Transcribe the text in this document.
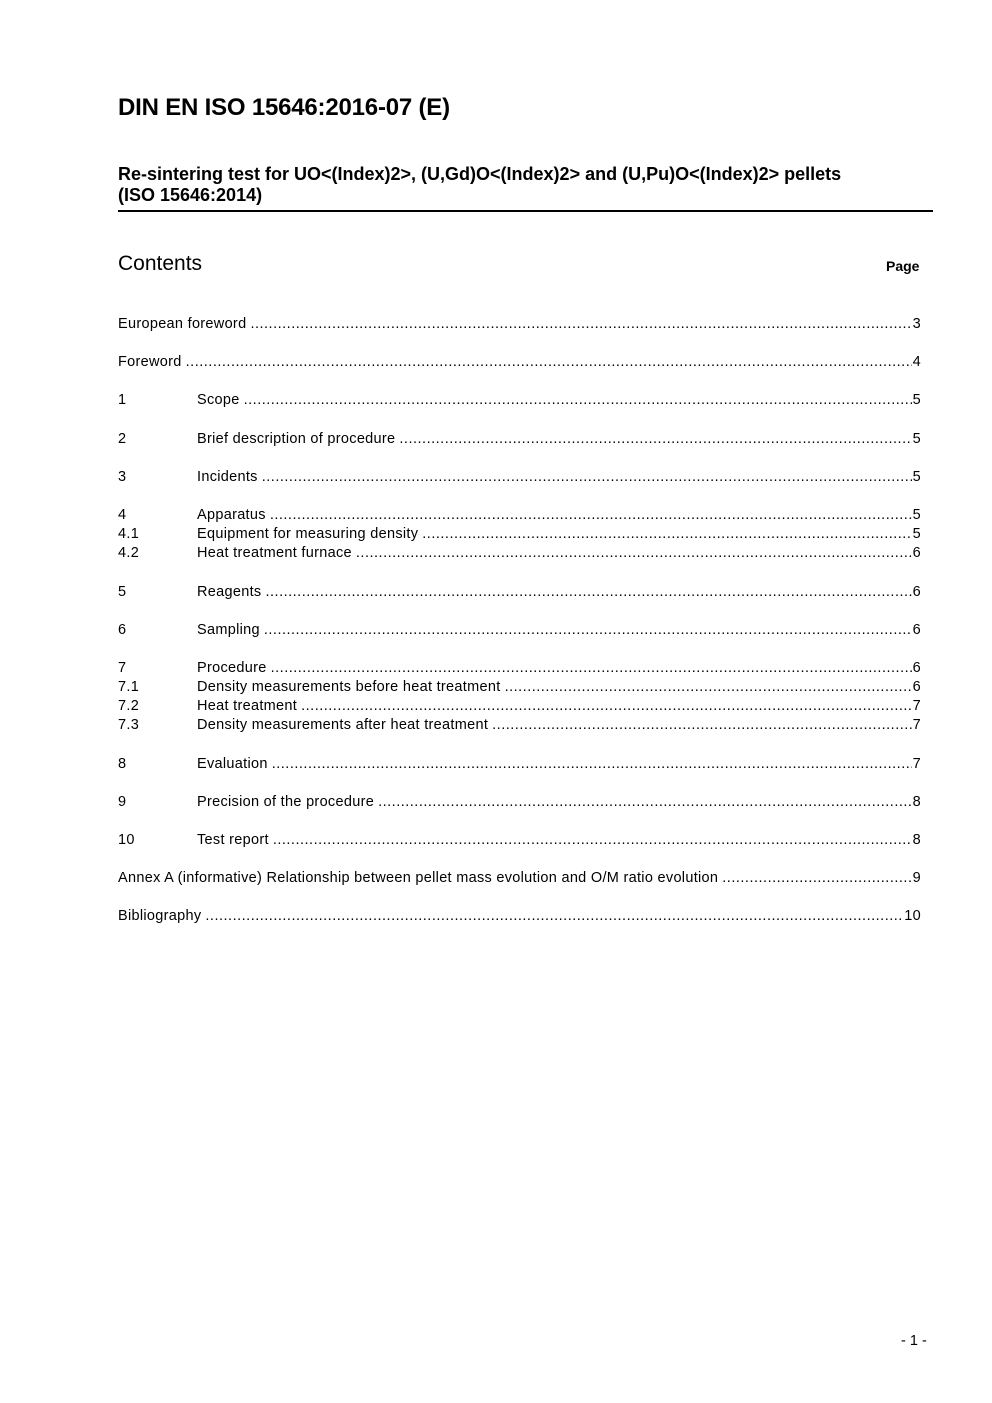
DIN EN ISO 15646:2016-07 (E)
Re-sintering test for UO<(Index)2>, (U,Gd)O<(Index)2> and (U,Pu)O<(Index)2> pellets
(ISO 15646:2014)
Contents	Page
European foreword .....	3
Foreword .....	4
1	Scope .....	5
2	Brief description of procedure .....	5
3	Incidents .....	5
4	Apparatus .....	5
4.1	Equipment for measuring density .....	5
4.2	Heat treatment furnace .....	6
5	Reagents .....	6
6	Sampling .....	6
7	Procedure .....	6
7.1	Density measurements before heat treatment .....	6
7.2	Heat treatment .....	7
7.3	Density measurements after heat treatment .....	7
8	Evaluation .....	7
9	Precision of the procedure .....	8
10	Test report .....	8
Annex A (informative) Relationship between pellet mass evolution and O/M ratio evolution .....	9
Bibliography .....	10
- 1 -
